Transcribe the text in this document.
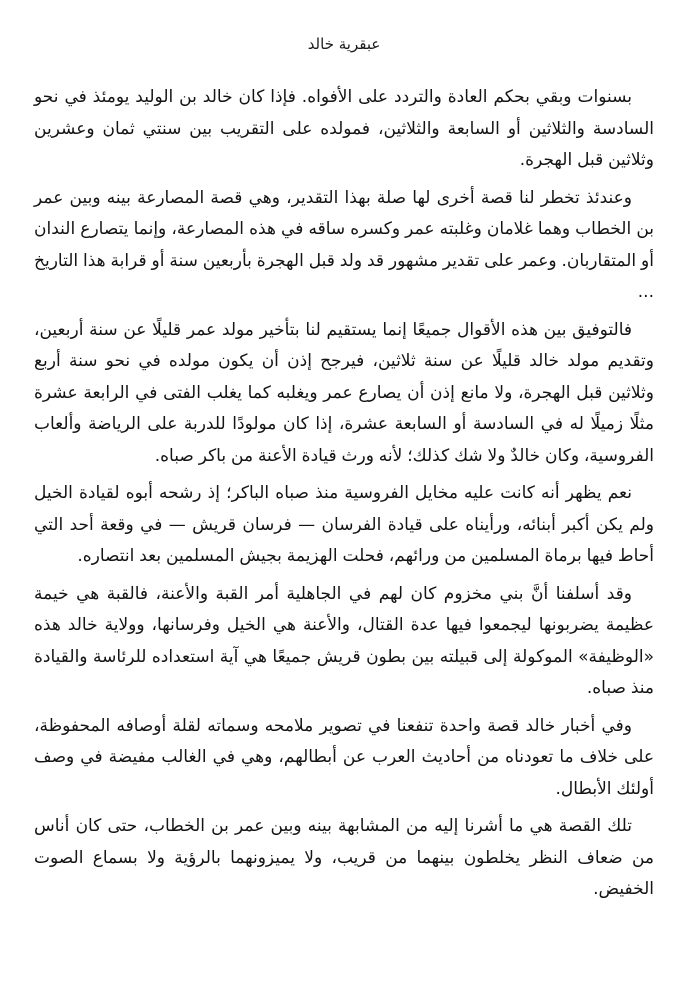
عبقرية خالد

بسنوات وبقي بحكم العادة والتردد على الأفواه. فإذا كان خالد بن الوليد يومئذ في نحو السادسة والثلاثين أو السابعة والثلاثين، فمولده على التقريب بين سنتي ثمان وعشرين وثلاثين قبل الهجرة.

وعندئذ تخطر لنا قصة أخرى لها صلة بهذا التقدير، وهي قصة المصارعة بينه وبين عمر بن الخطاب وهما غلامان وغلبته عمر وكسره ساقه في هذه المصارعة، وإنما يتصارع الندان أو المتقاربان. وعمر على تقدير مشهور قد ولد قبل الهجرة بأربعين سنة أو قرابة هذا التاريخ ...

فالتوفيق بين هذه الأقوال جميعًا إنما يستقيم لنا بتأخير مولد عمر قليلًا عن سنة أربعين، وتقديم مولد خالد قليلًا عن سنة ثلاثين، فيرجح إذن أن يكون مولده في نحو سنة أربع وثلاثين قبل الهجرة، ولا مانع إذن أن يصارع عمر ويغلبه كما يغلب الفتى في الرابعة عشرة مثلًا زميلًا له في السادسة أو السابعة عشرة، إذا كان مولودًا للدربة على الرياضة وألعاب الفروسية، وكان خالدٌ ولا شك كذلك؛ لأنه ورث قيادة الأعنة من باكر صباه.

نعم يظهر أنه كانت عليه مخايل الفروسية منذ صباه الباكر؛ إذ رشحه أبوه لقيادة الخيل ولم يكن أكبر أبنائه، ورأيناه على قيادة الفرسان — فرسان قريش — في وقعة أحد التي أحاط فيها برماة المسلمين من ورائهم، فحلت الهزيمة بجيش المسلمين بعد انتصاره.

وقد أسلفنا أنَّ بني مخزوم كان لهم في الجاهلية أمر القبة والأعنة، فالقبة هي خيمة عظيمة يضربونها ليجمعوا فيها عدة القتال، والأعنة هي الخيل وفرسانها، وولاية خالد هذه «الوظيفة» الموكولة إلى قبيلته بين بطون قريش جميعًا هي آية استعداده للرئاسة والقيادة منذ صباه.

وفي أخبار خالد قصة واحدة تنفعنا في تصوير ملامحه وسماته لقلة أوصافه المحفوظة، على خلاف ما تعودناه من أحاديث العرب عن أبطالهم، وهي في الغالب مفيضة في وصف أولئك الأبطال.

تلك القصة هي ما أشرنا إليه من المشابهة بينه وبين عمر بن الخطاب، حتى كان أناس من ضعاف النظر يخلطون بينهما من قريب، ولا يميزونهما بالرؤية ولا بسماع الصوت الخفيض.
